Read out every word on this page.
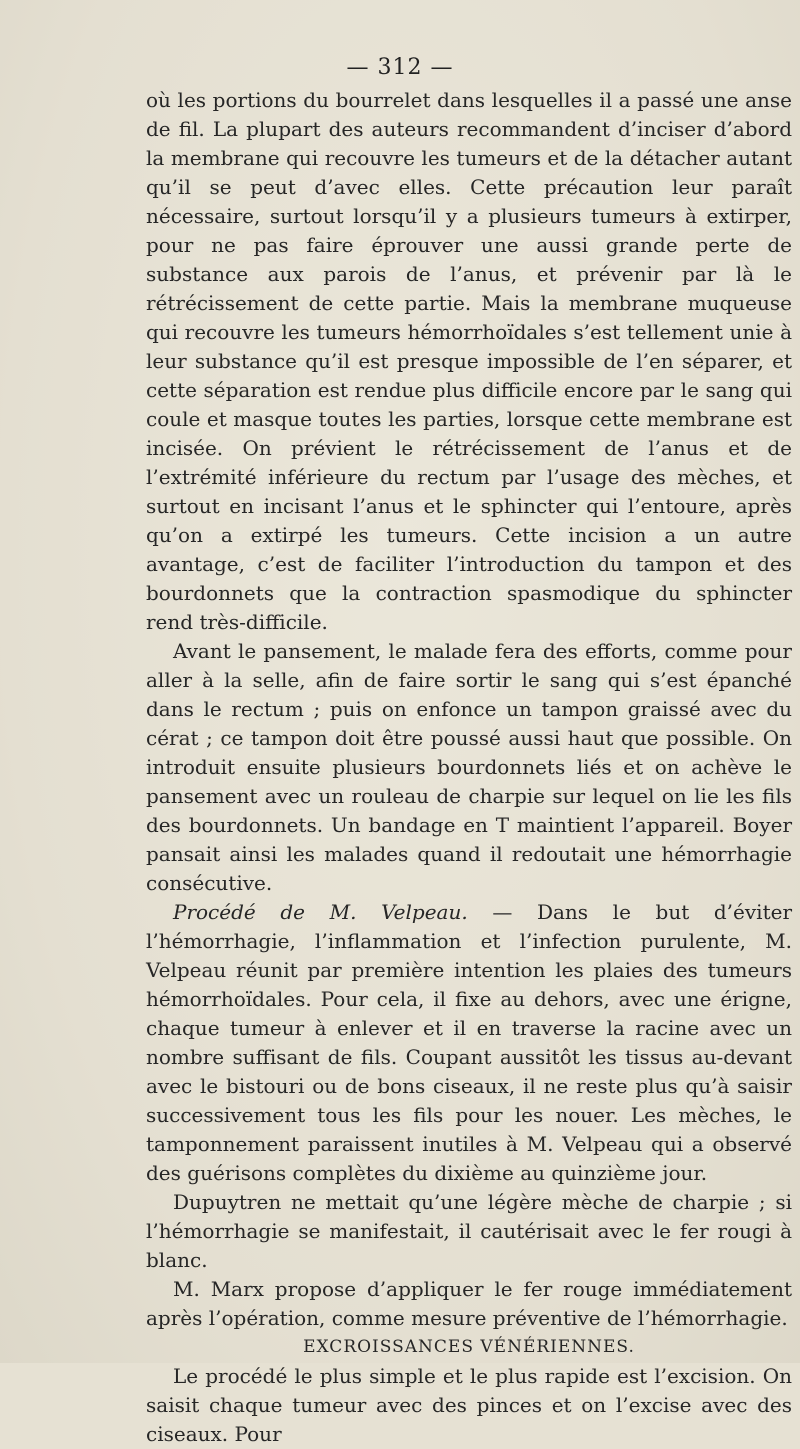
— 312 —

où les portions du bourrelet dans lesquelles il a passé une anse de fil. La plupart des auteurs recommandent d’inciser d’abord la membrane qui recouvre les tumeurs et de la détacher autant qu’il se peut d’avec elles. Cette précaution leur paraît nécessaire, surtout lorsqu’il y a plusieurs tumeurs à extirper, pour ne pas faire éprouver une aussi grande perte de substance aux parois de l’anus, et prévenir par là le rétrécissement de cette partie. Mais la membrane muqueuse qui recouvre les tumeurs hémorrhoïdales s’est tellement unie à leur substance qu’il est presque impossible de l’en séparer, et cette séparation est rendue plus difficile encore par le sang qui coule et masque toutes les parties, lorsque cette membrane est incisée. On prévient le rétrécissement de l’anus et de l’extrémité inférieure du rectum par l’usage des mèches, et surtout en incisant l’anus et le sphincter qui l’entoure, après qu’on a extirpé les tumeurs. Cette incision a un autre avantage, c’est de faciliter l’introduction du tampon et des bourdonnets que la contraction spasmodique du sphincter rend très-difficile.

Avant le pansement, le malade fera des efforts, comme pour aller à la selle, afin de faire sortir le sang qui s’est épanché dans le rectum ; puis on enfonce un tampon graissé avec du cérat ; ce tampon doit être poussé aussi haut que possible. On introduit ensuite plusieurs bourdonnets liés et on achève le pansement avec un rouleau de charpie sur lequel on lie les fils des bourdonnets. Un bandage en T maintient l’appareil. Boyer pansait ainsi les malades quand il redoutait une hémorrhagie consécutive.

Procédé de M. Velpeau. — Dans le but d’éviter l’hémorrhagie, l’inflammation et l’infection purulente, M. Velpeau réunit par première intention les plaies des tumeurs hémorrhoïdales. Pour cela, il fixe au dehors, avec une érigne, chaque tumeur à enlever et il en traverse la racine avec un nombre suffisant de fils. Coupant aussitôt les tissus au-devant avec le bistouri ou de bons ciseaux, il ne reste plus qu’à saisir successivement tous les fils pour les nouer. Les mèches, le tamponnement paraissent inutiles à M. Velpeau qui a observé des guérisons complètes du dixième au quinzième jour.

Dupuytren ne mettait qu’une légère mèche de charpie ; si l’hémorrhagie se manifestait, il cautérisait avec le fer rougi à blanc.

M. Marx propose d’appliquer le fer rouge immédiatement après l’opération, comme mesure préventive de l’hémorrhagie.

EXCROISSANCES VÉNÉRIENNES.

Le procédé le plus simple et le plus rapide est l’excision. On saisit chaque tumeur avec des pinces et on l’excise avec des ciseaux. Pour
